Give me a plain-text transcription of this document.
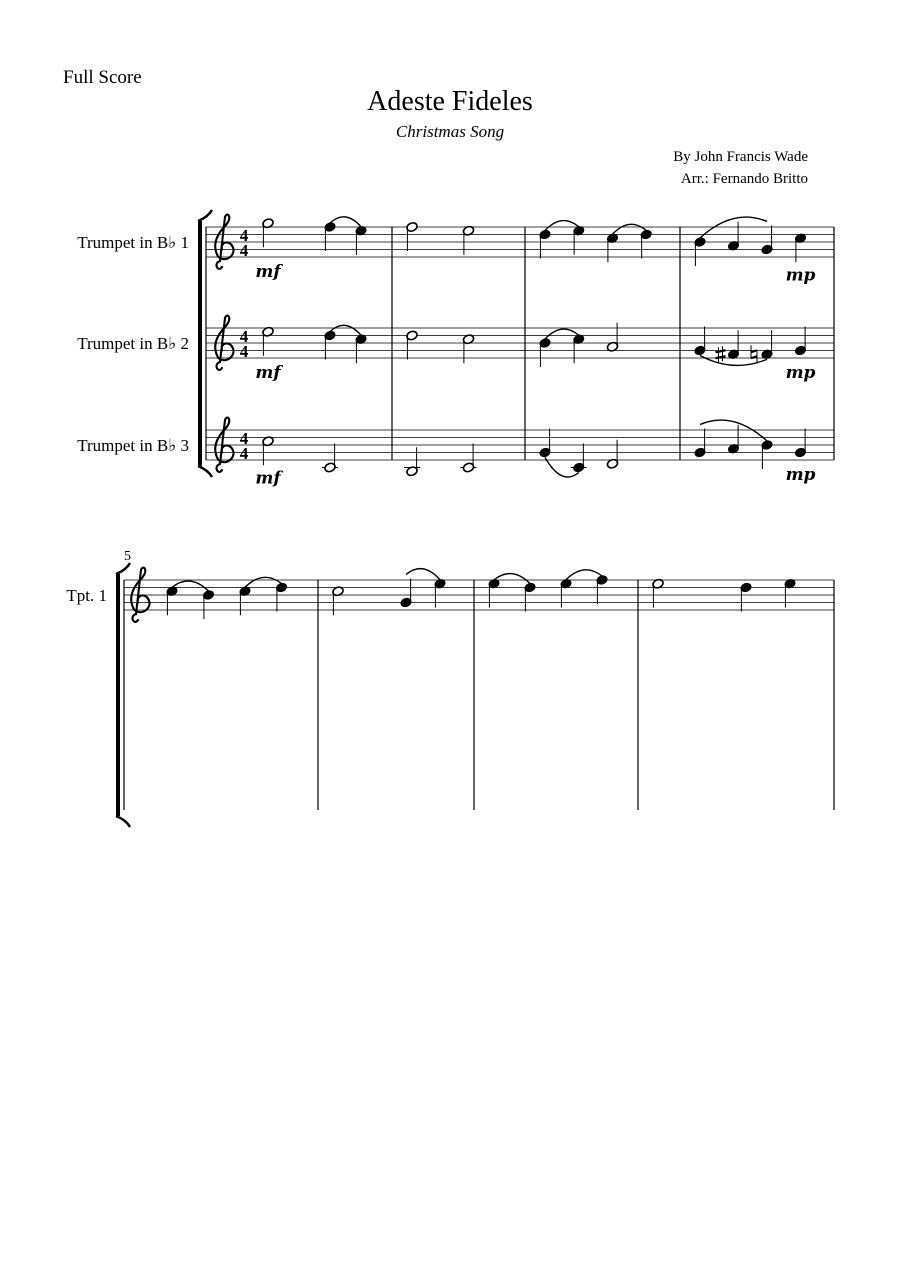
Full Score
Adeste Fideles
Christmas Song
By John Francis Wade
Arr.: Fernando Britto
Trumpet in B♭ 1	4
4
mf	mp
Trumpet in B♭ 2	4
4
mf	mp
Trumpet in B♭ 3	4
4
mf	mp
5
Tpt. 1
